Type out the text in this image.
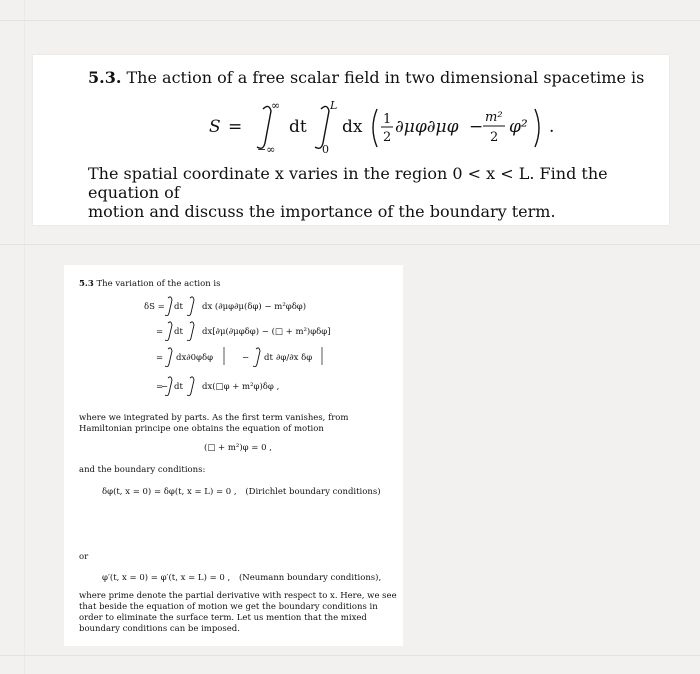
5.3. The action of a free scalar field in two dimensional spacetime is
S =
∞
−∞
dt
L
0
dx 1
2
∂μφ∂μφ − m²
2
φ² .
The spatial coordinate x varies in the region 0 < x < L. Find the equation of
motion and discuss the importance of the boundary term.
5.3 The variation of the action is
δS = dt dx (∂μφ∂μ(δφ) − m²φδφ)
= dt dx[∂μ(∂μφδφ) − (□ + m²)φδφ]
= dx∂0φδφ	− dt ∂φ/∂x δφ
=
− dt dx(□φ + m²φ)δφ ,
where we integrated by parts. As the first term vanishes, from Hamiltonian principe one obtains the equation of motion
(□ + m²)φ = 0 ,
and the boundary conditions:
δφ(t, x = 0) = δφ(t, x = L) = 0 , (Dirichlet boundary conditions)
or
φ′(t, x = 0) = φ′(t, x = L) = 0 , (Neumann boundary conditions),
where prime denote the partial derivative with respect to x. Here, we see that beside the equation of motion we get the boundary conditions in order to eliminate the surface term. Let us mention that the mixed boundary conditions can be imposed.
